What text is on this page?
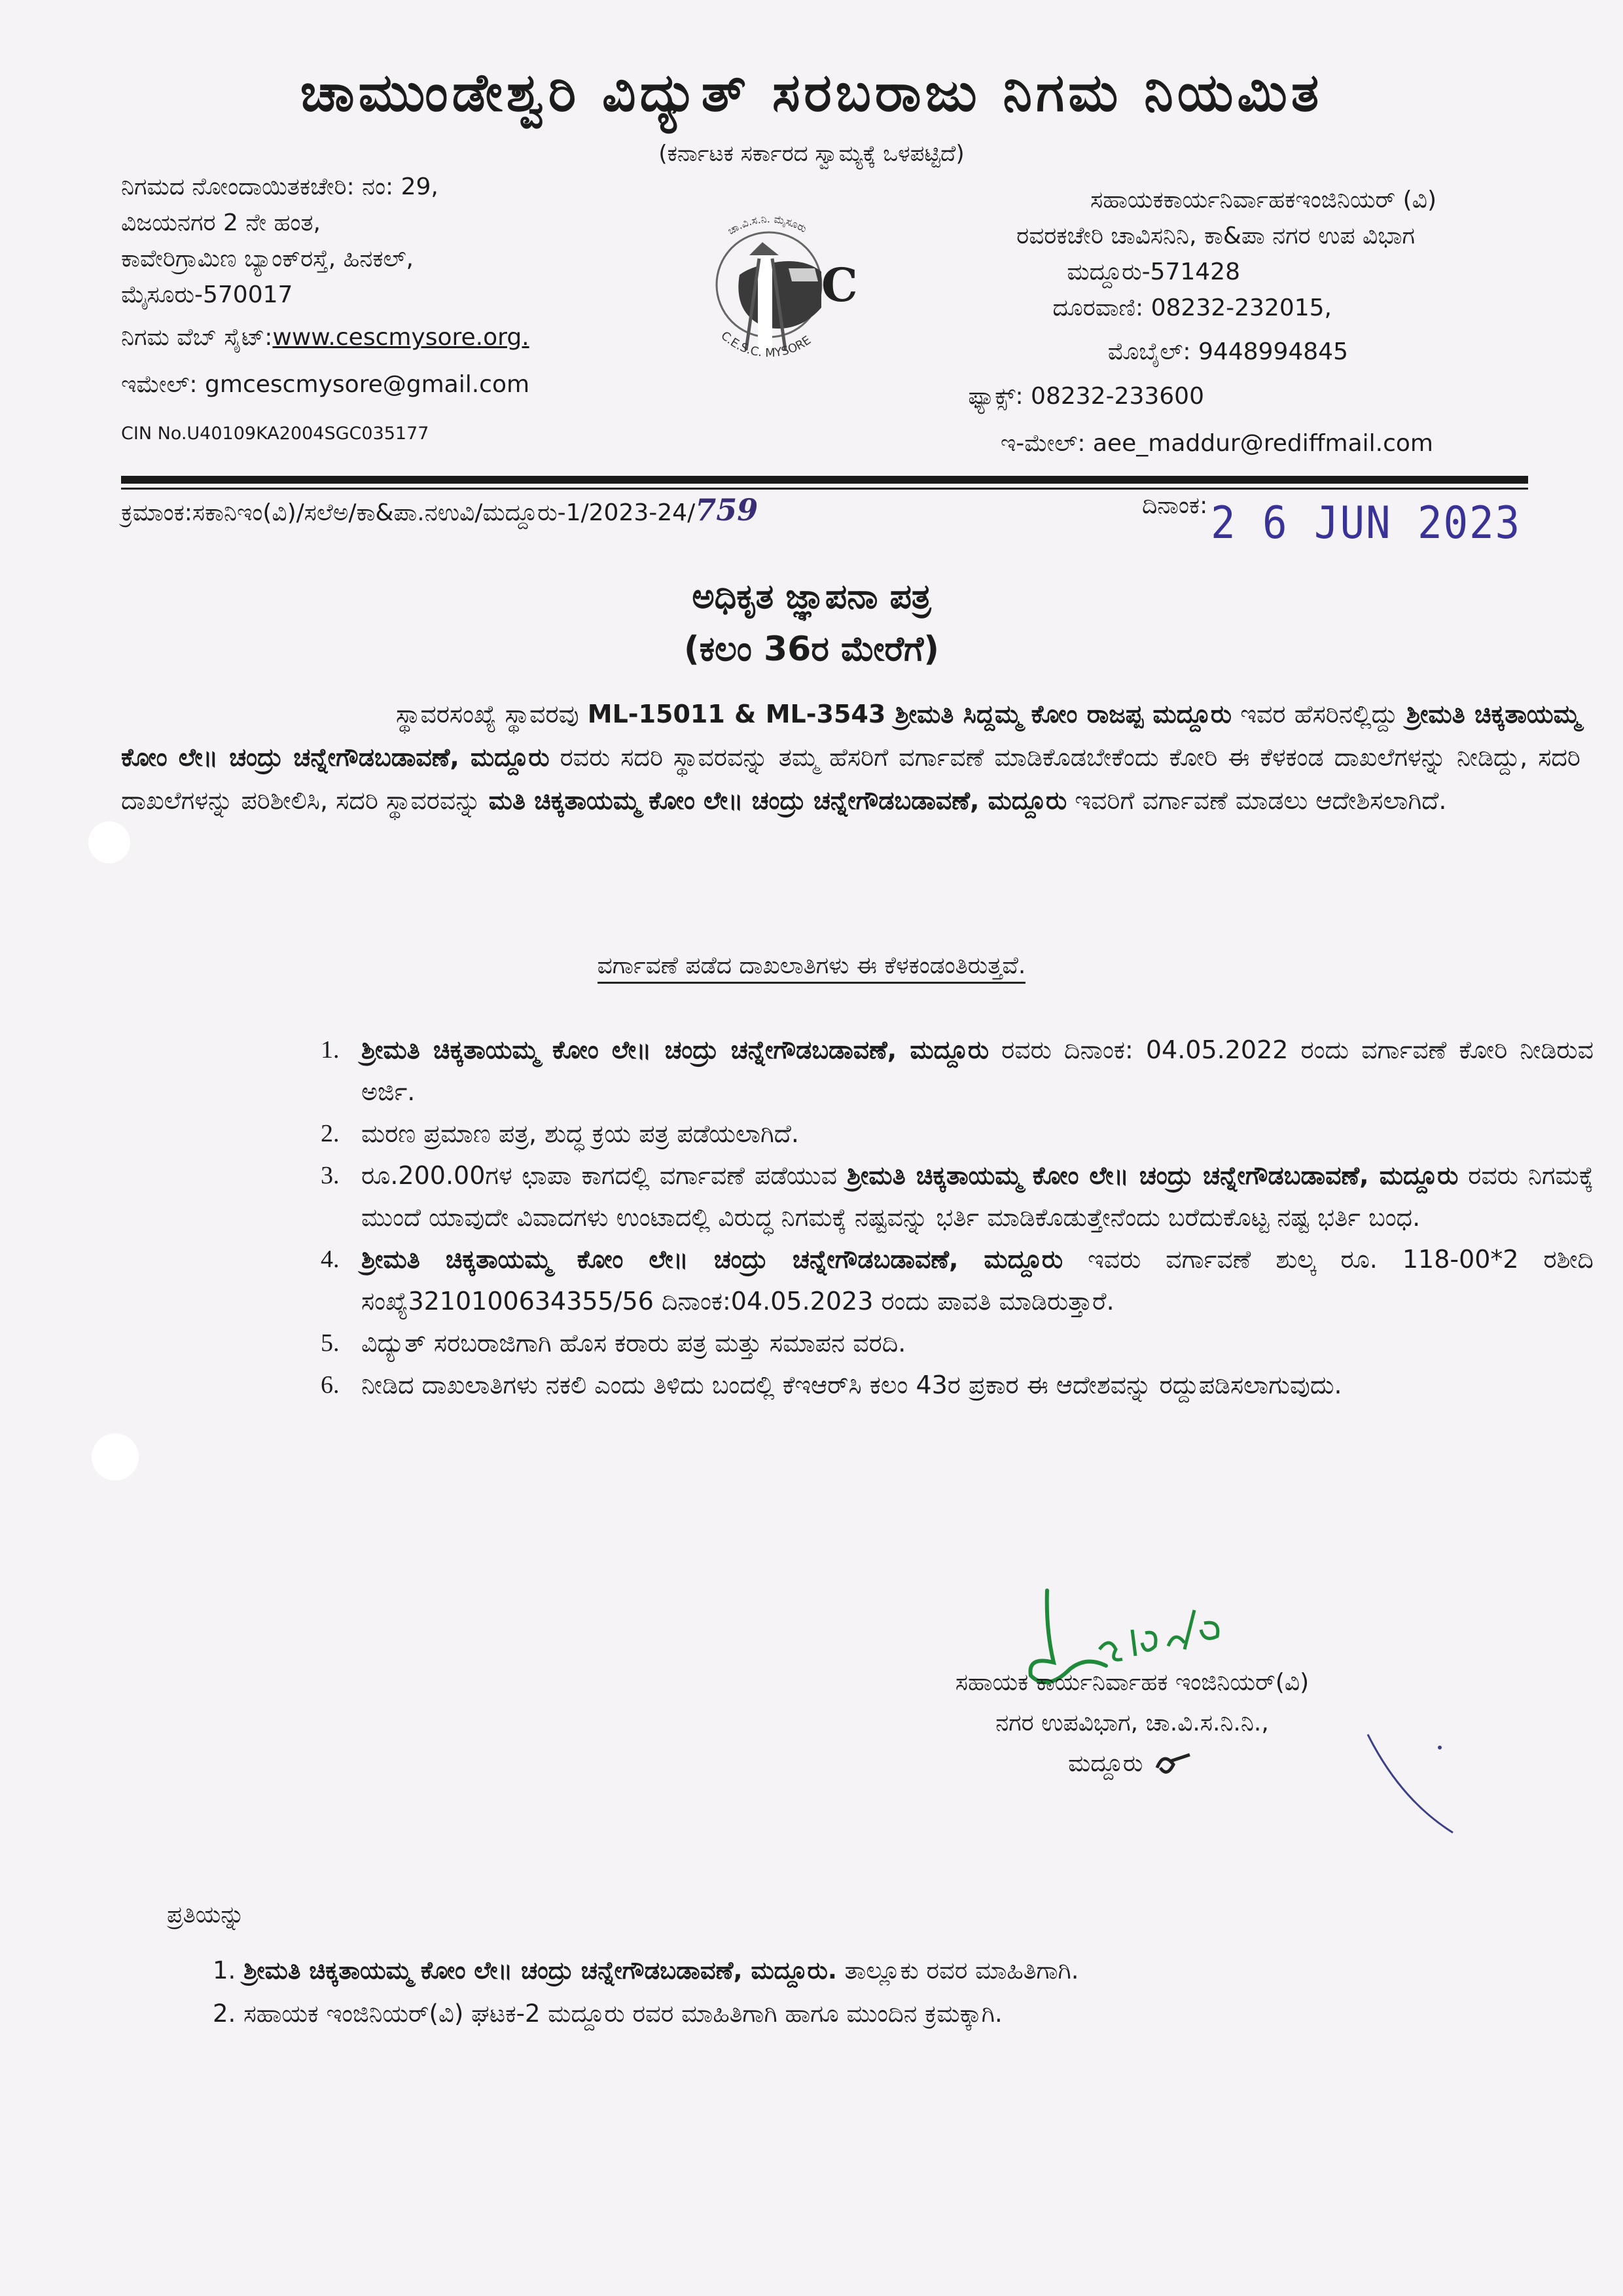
ಚಾಮುಂಡೇಶ್ವರಿ ವಿದ್ಯುತ್ ಸರಬರಾಜು ನಿಗಮ ನಿಯಮಿತ
(ಕರ್ನಾಟಕ ಸರ್ಕಾರದ ಸ್ವಾಮ್ಯಕ್ಕೆ ಒಳಪಟ್ಟಿದೆ)
ನಿಗಮದ ನೋಂದಾಯಿತಕಚೇರಿ: ನಂ: 29,
ವಿಜಯನಗರ 2 ನೇ ಹಂತ,
ಕಾವೇರಿಗ್ರಾಮಿಣ ಬ್ಯಾಂಕ್‌ರಸ್ತೆ, ಹಿನಕಲ್,
ಮೈಸೂರು-570017
ನಿಗಮ ವೆಬ್ ಸೈಟ್:www.cescmysore.org.
ಇಮೇಲ್: gmcescmysore@gmail.com
CIN No.U40109KA2004SGC035177
ಚಾ.ವಿ.ಸ.ನಿ. ಮೈಸೂರು
C.E.S.C. MYSORE
C
ಸಹಾಯಕಕಾರ್ಯನಿರ್ವಾಹಕಇಂಜಿನಿಯರ್ (ವಿ)
ರವರಕಚೇರಿ ಚಾವಿಸನಿನಿ, ಕಾ&ಪಾ ನಗರ ಉಪ ವಿಭಾಗ
ಮದ್ದೂರು-571428
ದೂರವಾಣಿ: 08232-232015,
ಮೊಬೈಲ್: 9448994845
ಫ್ಯಾಕ್ಸ್: 08232-233600
ಇ-ಮೇಲ್: aee_maddur@rediffmail.com
ಕ್ರಮಾಂಕ:ಸಕಾನಿಇಂ(ವಿ)/ಸಲೆಅ/ಕಾ&ಪಾ.ನಉವಿ/ಮದ್ದೂರು-1/2023-24/759	ದಿನಾಂಕ: 2 6 JUN 2023
ಅಧಿಕೃತ ಜ್ಞಾಪನಾ ಪತ್ರ
(ಕಲಂ 36ರ ಮೇರೆಗೆ)
ಸ್ಥಾವರಸಂಖ್ಯೆ ಸ್ಥಾವರವು ML-15011 & ML-3543 ಶ್ರೀಮತಿ ಸಿದ್ದಮ್ಮ ಕೋಂ ರಾಜಪ್ಪ ಮದ್ದೂರು ಇವರ ಹೆಸರಿನಲ್ಲಿದ್ದು ಶ್ರೀಮತಿ ಚಿಕ್ಕತಾಯಮ್ಮ ಕೋಂ ಲೇ॥ ಚಂದ್ರು ಚನ್ನೇಗೌಡಬಡಾವಣೆ, ಮದ್ದೂರು ರವರು ಸದರಿ ಸ್ಥಾವರವನ್ನು ತಮ್ಮ ಹೆಸರಿಗೆ ವರ್ಗಾವಣೆ ಮಾಡಿಕೊಡಬೇಕೆಂದು ಕೋರಿ ಈ ಕೆಳಕಂಡ ದಾಖಲೆಗಳನ್ನು ನೀಡಿದ್ದು, ಸದರಿ ದಾಖಲೆಗಳನ್ನು ಪರಿಶೀಲಿಸಿ, ಸದರಿ ಸ್ಥಾವರವನ್ನು ಮತಿ ಚಿಕ್ಕತಾಯಮ್ಮ ಕೋಂ ಲೇ॥ ಚಂದ್ರು ಚನ್ನೇಗೌಡಬಡಾವಣೆ, ಮದ್ದೂರು ಇವರಿಗೆ ವರ್ಗಾವಣೆ ಮಾಡಲು ಆದೇಶಿಸಲಾಗಿದೆ.
ವರ್ಗಾವಣೆ ಪಡೆದ ದಾಖಲಾತಿಗಳು ಈ ಕೆಳಕಂಡಂತಿರುತ್ತವೆ.
1. ಶ್ರೀಮತಿ ಚಿಕ್ಕತಾಯಮ್ಮ ಕೋಂ ಲೇ॥ ಚಂದ್ರು ಚನ್ನೇಗೌಡಬಡಾವಣೆ, ಮದ್ದೂರು ರವರು ದಿನಾಂಕ: 04.05.2022 ರಂದು ವರ್ಗಾವಣೆ ಕೋರಿ ನೀಡಿರುವ ಅರ್ಜಿ.
2. ಮರಣ ಪ್ರಮಾಣ ಪತ್ರ, ಶುದ್ಧ ಕ್ರಯ ಪತ್ರ ಪಡೆಯಲಾಗಿದೆ.
3. ರೂ.200.00ಗಳ ಛಾಪಾ ಕಾಗದಲ್ಲಿ ವರ್ಗಾವಣೆ ಪಡೆಯುವ ಶ್ರೀಮತಿ ಚಿಕ್ಕತಾಯಮ್ಮ ಕೋಂ ಲೇ॥ ಚಂದ್ರು ಚನ್ನೇಗೌಡಬಡಾವಣೆ, ಮದ್ದೂರು ರವರು ನಿಗಮಕ್ಕೆ ಮುಂದೆ ಯಾವುದೇ ವಿವಾದಗಳು ಉಂಟಾದಲ್ಲಿ ವಿರುದ್ಧ ನಿಗಮಕ್ಕೆ ನಷ್ಟವನ್ನು ಭರ್ತಿ ಮಾಡಿಕೊಡುತ್ತೇನೆಂದು ಬರೆದುಕೊಟ್ಟ ನಷ್ಟ ಭರ್ತಿ ಬಂಧ.
4. ಶ್ರೀಮತಿ ಚಿಕ್ಕತಾಯಮ್ಮ ಕೋಂ ಲೇ॥ ಚಂದ್ರು ಚನ್ನೇಗೌಡಬಡಾವಣೆ, ಮದ್ದೂರು ಇವರು ವರ್ಗಾವಣೆ ಶುಲ್ಕ ರೂ. 118-00*2 ರಶೀದಿ ಸಂಖ್ಯೆ3210100634355/56 ದಿನಾಂಕ:04.05.2023 ರಂದು ಪಾವತಿ ಮಾಡಿರುತ್ತಾರೆ.
5. ವಿದ್ಯುತ್ ಸರಬರಾಜಿಗಾಗಿ ಹೊಸ ಕರಾರು ಪತ್ರ ಮತ್ತು ಸಮಾಪನ ವರದಿ.
6. ನೀಡಿದ ದಾಖಲಾತಿಗಳು ನಕಲಿ ಎಂದು ತಿಳಿದು ಬಂದಲ್ಲಿ ಕೆಇಆರ್‌ಸಿ ಕಲಂ 43ರ ಪ್ರಕಾರ ಈ ಆದೇಶವನ್ನು ರದ್ದುಪಡಿಸಲಾಗುವುದು.
ಸಹಾಯಕ ಕಾರ್ಯನಿರ್ವಾಹಕ ಇಂಜಿನಿಯರ್(ವಿ)
ನಗರ ಉಪವಿಭಾಗ, ಚಾ.ವಿ.ಸ.ನಿ.ನಿ.,
ಮದ್ದೂರು
ಪ್ರತಿಯನ್ನು
1. ಶ್ರೀಮತಿ ಚಿಕ್ಕತಾಯಮ್ಮ ಕೋಂ ಲೇ॥ ಚಂದ್ರು ಚನ್ನೇಗೌಡಬಡಾವಣೆ, ಮದ್ದೂರು. ತಾಲ್ಲೂಕು ರವರ ಮಾಹಿತಿಗಾಗಿ.
2. ಸಹಾಯಕ ಇಂಜಿನಿಯರ್(ವಿ) ಘಟಕ-2 ಮದ್ದೂರು ರವರ ಮಾಹಿತಿಗಾಗಿ ಹಾಗೂ ಮುಂದಿನ ಕ್ರಮಕ್ಕಾಗಿ.
